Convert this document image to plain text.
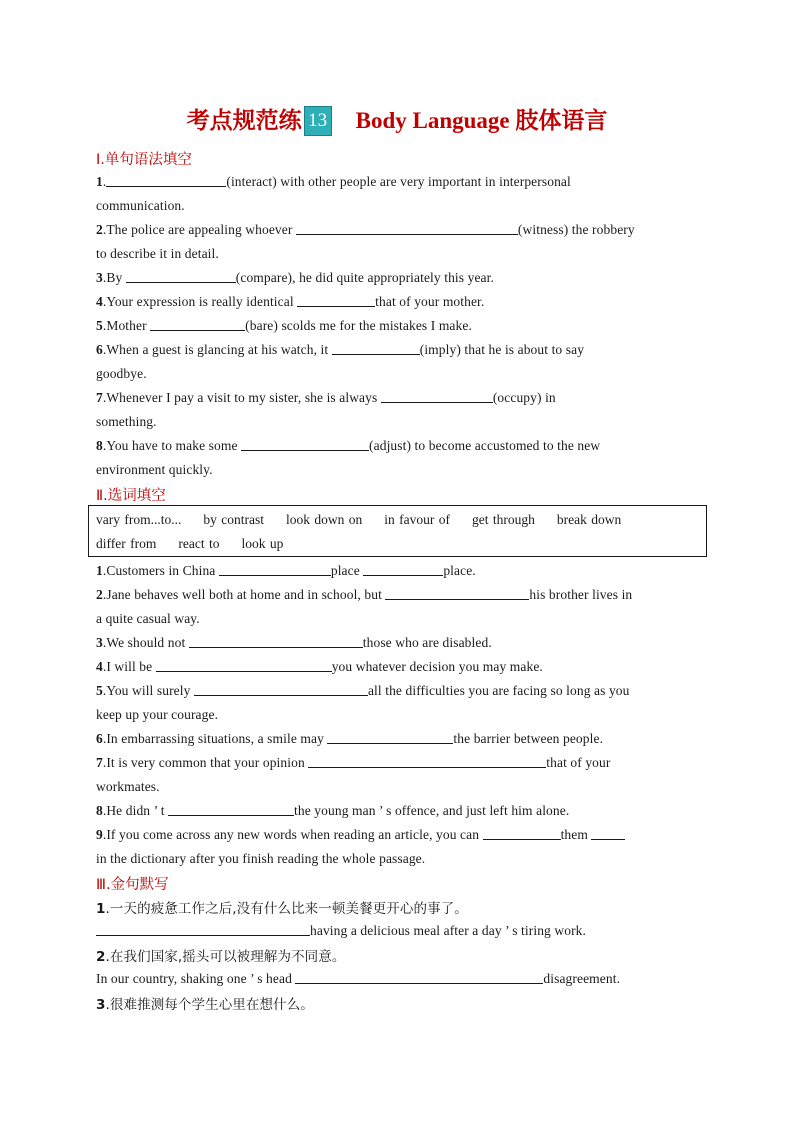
考点规范练 13 Body Language 肢体语言
Ⅰ.单句语法填空
1.	(interact) with other people are very important in interpersonal
communication.
2.The police are appealing whoever	(witness) the robbery
to describe it in detail.
3.By	(compare), he did quite appropriately this year.
4.Your expression is really identical	that of your mother.
5.Mother	(bare) scolds me for the mistakes I make.
6.When a guest is glancing at his watch, it	(imply) that he is about to say
goodbye.
7.Whenever I pay a visit to my sister, she is always	(occupy) in
something.
8.You have to make some	(adjust) to become accustomed to the new
environment quickly.
Ⅱ.选词填空
vary from...to... by contrast look down on in favour of get through break down
differ from react to look up
1.Customers in China	place	place.
2.Jane behaves well both at home and in school, but	his brother lives in
a quite casual way.
3.We should not	those who are disabled.
4.I will be	you whatever decision you may make.
5.You will surely	all the difficulties you are facing so long as you
keep up your courage.
6.In embarrassing situations, a smile may	the barrier between people.
7.It is very common that your opinion	that of your
workmates.
8.He didn ’ t	the young man ’ s offence, and just left him alone.
9.If you come across any new words when reading an article, you can	them
in the dictionary after you finish reading the whole passage.
Ⅲ.金句默写
1.一天的疲惫工作之后,没有什么比来一顿美餐更开心的事了。
having a delicious meal after a day ’ s tiring work.
2.在我们国家,摇头可以被理解为不同意。
In our country, shaking one ’ s head	disagreement.
3.很难推测每个学生心里在想什么。
